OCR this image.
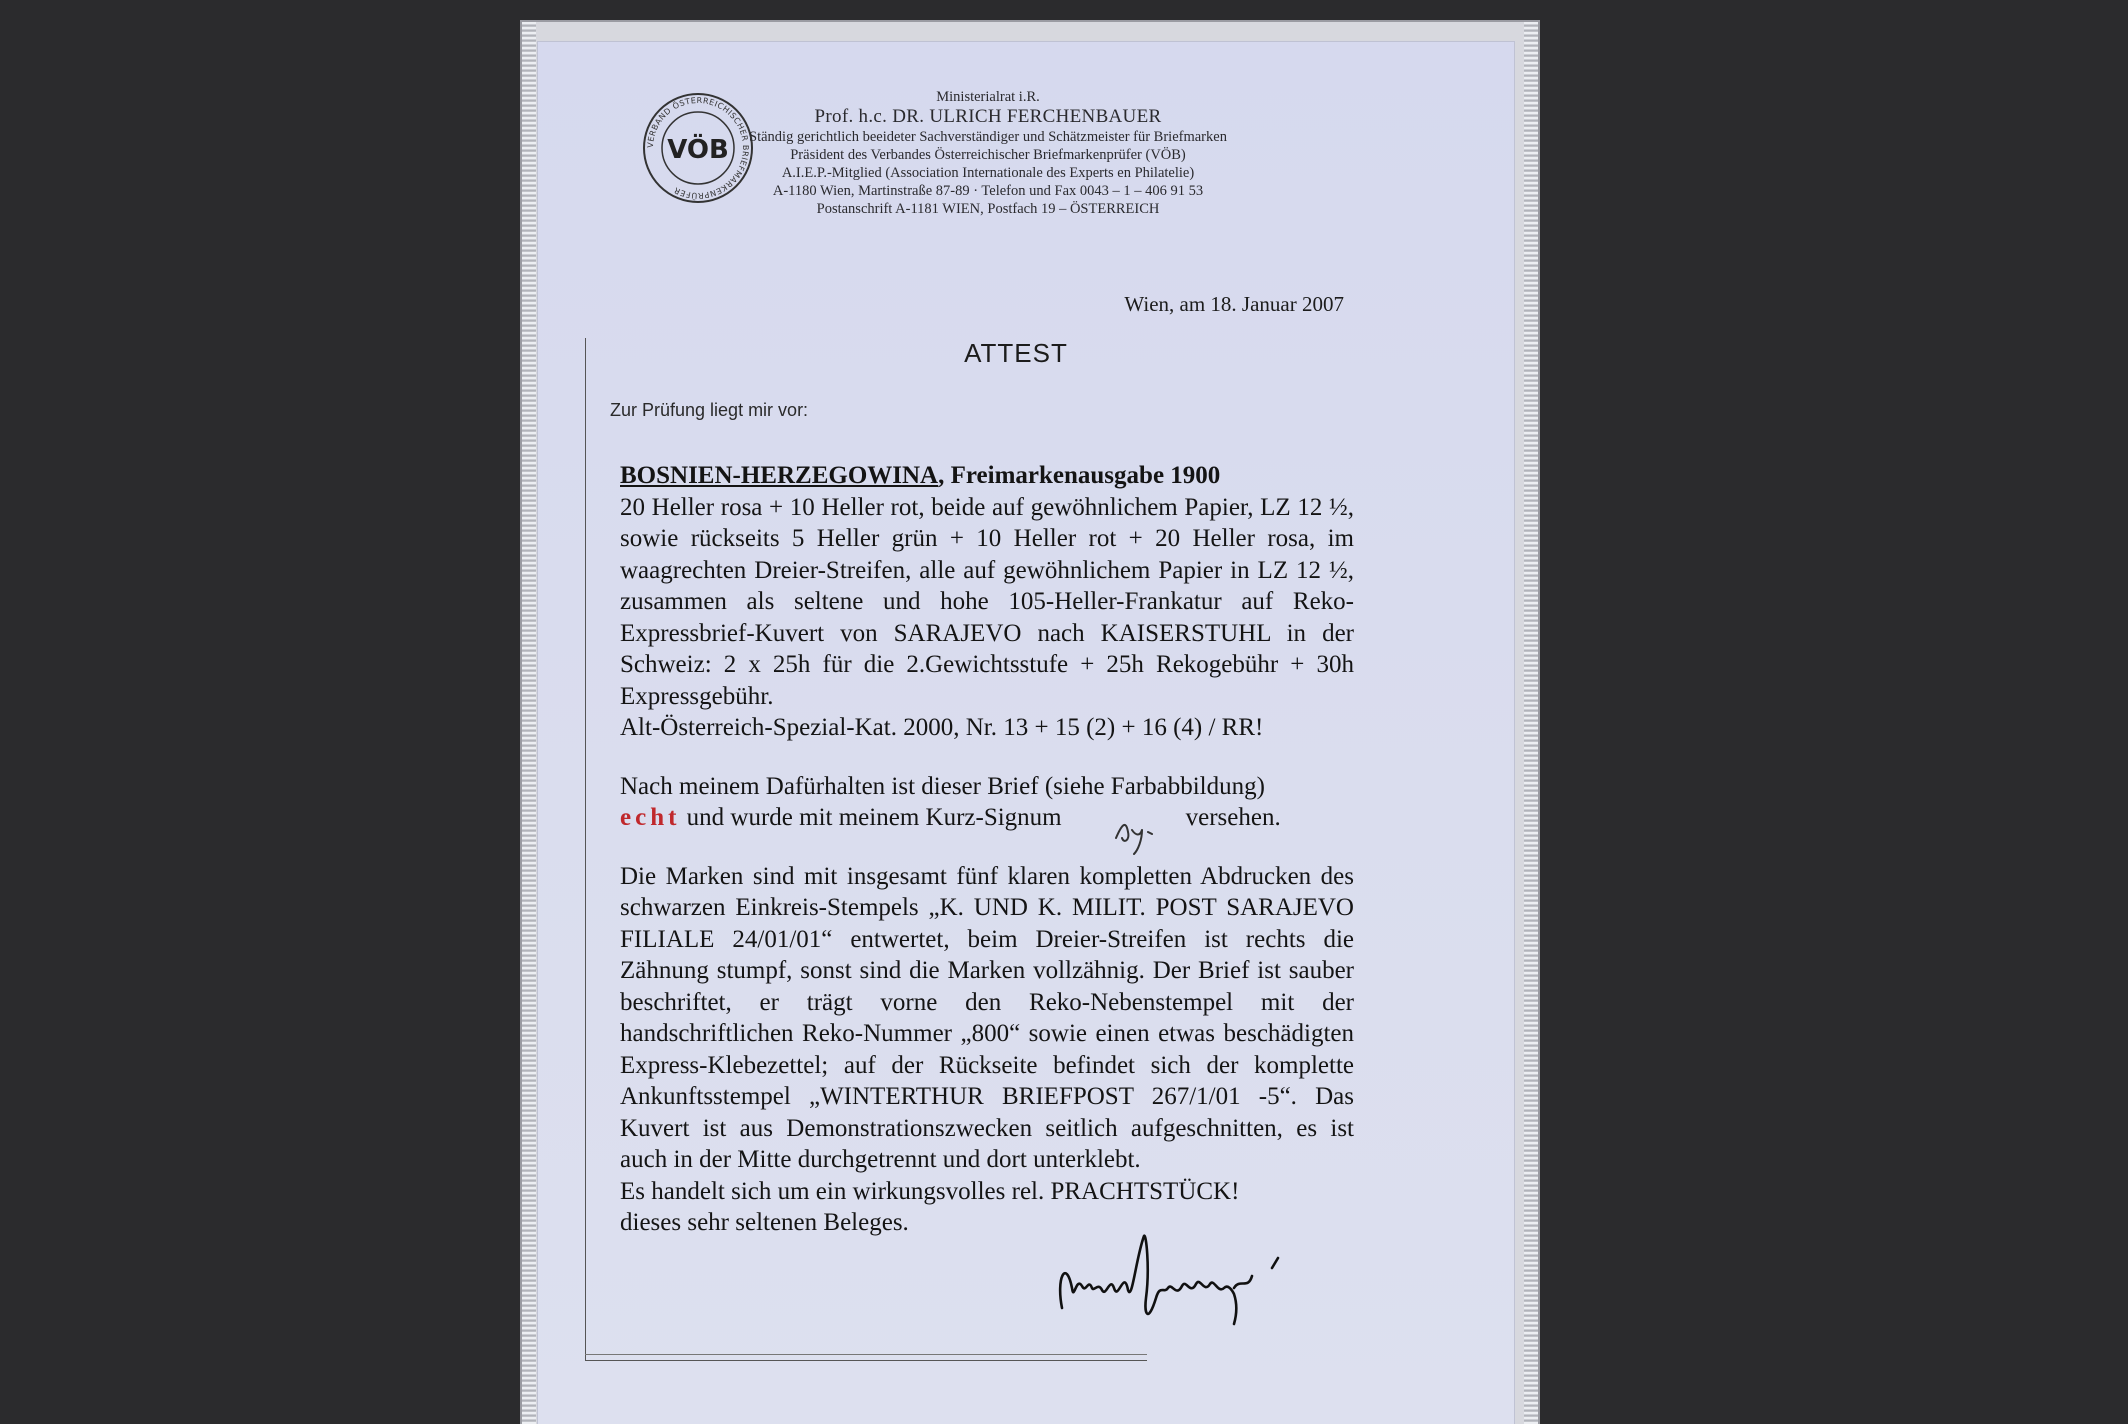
VERBAND ÖSTERREICHISCHER BRIEFMARKENPRÜFER
VÖB
Ministerialrat i.R.
Prof. h.c. DR. ULRICH FERCHENBAUER
Ständig gerichtlich beeideter Sachverständiger und Schätzmeister für Briefmarken
Präsident des Verbandes Österreichischer Briefmarkenprüfer (VÖB)
A.I.E.P.-Mitglied (Association Internationale des Experts en Philatelie)
A-1180 Wien, Martinstraße 87-89 · Telefon und Fax 0043 – 1 – 406 91 53
Postanschrift A-1181 WIEN, Postfach 19 – ÖSTERREICH
Wien, am 18. Januar 2007
ATTEST
Zur Prüfung liegt mir vor:

BOSNIEN-HERZEGOWINA, Freimarkenausgabe 1900

20 Heller rosa + 10 Heller rot, beide auf gewöhnlichem Papier, LZ 12 ½, sowie rückseits 5 Heller grün + 10 Heller rot + 20 Heller rosa, im waagrechten Dreier-Streifen, alle auf gewöhnlichem Papier in LZ 12 ½, zusammen als seltene und hohe 105-Heller-Frankatur auf Reko-Expressbrief-Kuvert von SARAJEVO nach KAISERSTUHL in der Schweiz: 2 x 25h für die 2.Gewichtsstufe + 25h Rekogebühr + 30h Expressgebühr.

Alt-Österreich-Spezial-Kat. 2000, Nr. 13 + 15 (2) + 16 (4) / RR!

Nach meinem Dafürhalten ist dieser Brief (siehe Farbabbildung)

echt und wurde mit meinem Kurz-Signum	versehen.

Die Marken sind mit insgesamt fünf klaren kompletten Abdrucken des schwarzen Einkreis-Stempels „K. UND K. MILIT. POST SARAJEVO FILIALE 24/01/01“ entwertet, beim Dreier-Streifen ist rechts die Zähnung stumpf, sonst sind die Marken vollzähnig. Der Brief ist sauber beschriftet, er trägt vorne den Reko-Nebenstempel mit der handschriftlichen Reko-Nummer „800“ sowie einen etwas beschädigten Express-Klebezettel; auf der Rückseite befindet sich der komplette Ankunftsstempel „WINTERTHUR BRIEFPOST 267/1/01 -5“. Das Kuvert ist aus Demonstrationszwecken seitlich aufgeschnitten, es ist auch in der Mitte durchgetrennt und dort unterklebt.

Es handelt sich um ein wirkungsvolles rel. PRACHTSTÜCK!

dieses sehr seltenen Beleges.
